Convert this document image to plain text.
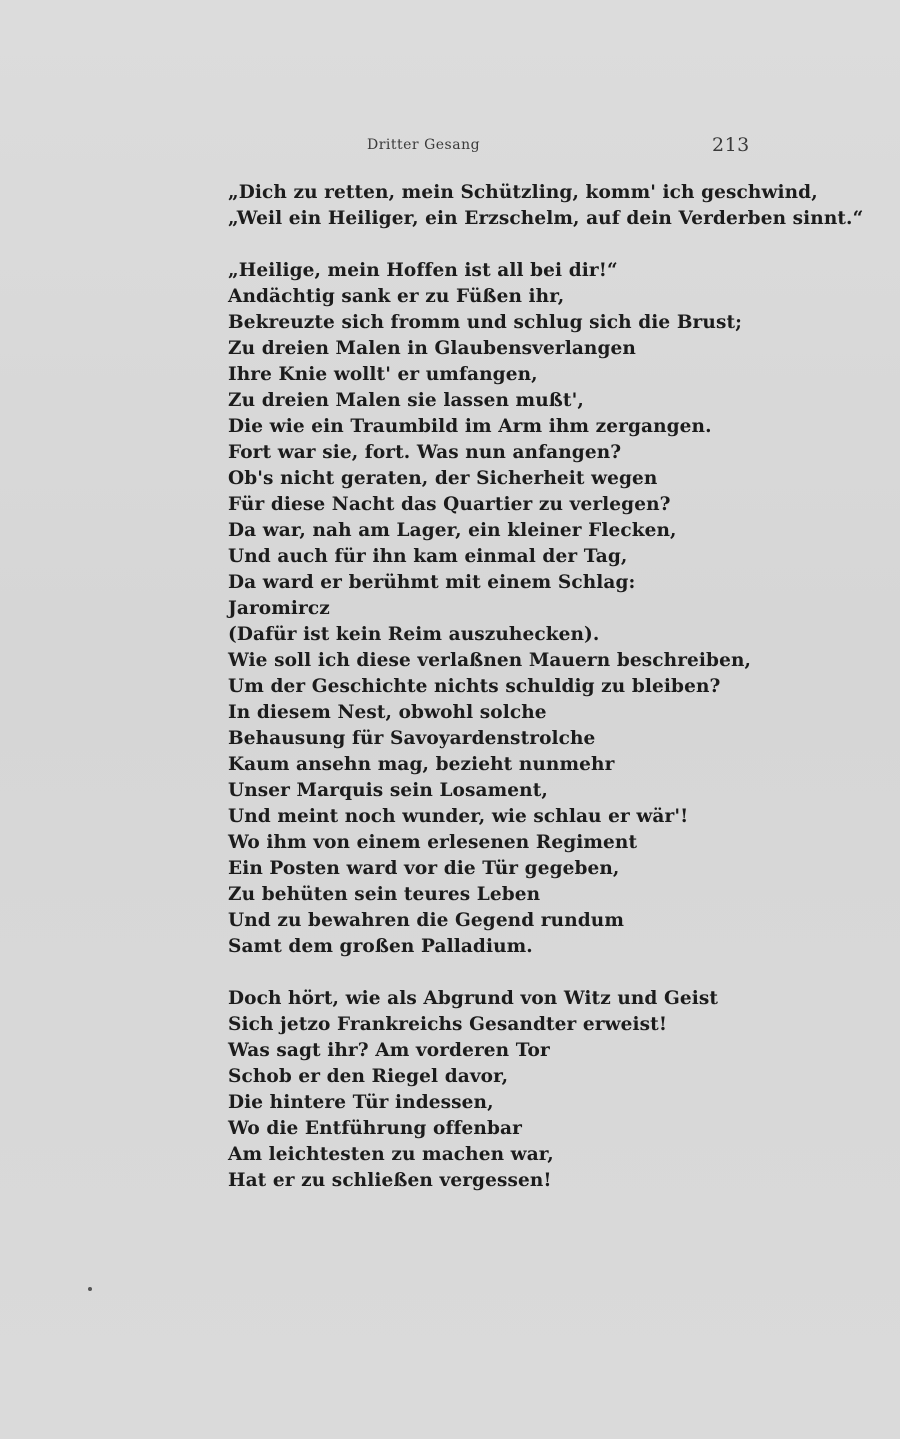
Dritter Gesang	213
„Dich zu retten, mein Schützling, komm' ich geschwind,
„Weil ein Heiliger, ein Erzschelm, auf dein Verderben sinnt.“
„Heilige, mein Hoffen ist all bei dir!“
Andächtig sank er zu Füßen ihr,
Bekreuzte sich fromm und schlug sich die Brust;
Zu dreien Malen in Glaubensverlangen
Ihre Knie wollt' er umfangen,
Zu dreien Malen sie lassen mußt',
Die wie ein Traumbild im Arm ihm zergangen.
Fort war sie, fort. Was nun anfangen?
Ob's nicht geraten, der Sicherheit wegen
Für diese Nacht das Quartier zu verlegen?
Da war, nah am Lager, ein kleiner Flecken,
Und auch für ihn kam einmal der Tag,
Da ward er berühmt mit einem Schlag:
Jaromircz
(Dafür ist kein Reim auszuhecken).
Wie soll ich diese verlaßnen Mauern beschreiben,
Um der Geschichte nichts schuldig zu bleiben?
In diesem Nest, obwohl solche
Behausung für Savoyardenstrolche
Kaum ansehn mag, bezieht nunmehr
Unser Marquis sein Losament,
Und meint noch wunder, wie schlau er wär'!
Wo ihm von einem erlesenen Regiment
Ein Posten ward vor die Tür gegeben,
Zu behüten sein teures Leben
Und zu bewahren die Gegend rundum
Samt dem großen Palladium.
Doch hört, wie als Abgrund von Witz und Geist
Sich jetzo Frankreichs Gesandter erweist!
Was sagt ihr? Am vorderen Tor
Schob er den Riegel davor,
Die hintere Tür indessen,
Wo die Entführung offenbar
Am leichtesten zu machen war,
Hat er zu schließen vergessen!
